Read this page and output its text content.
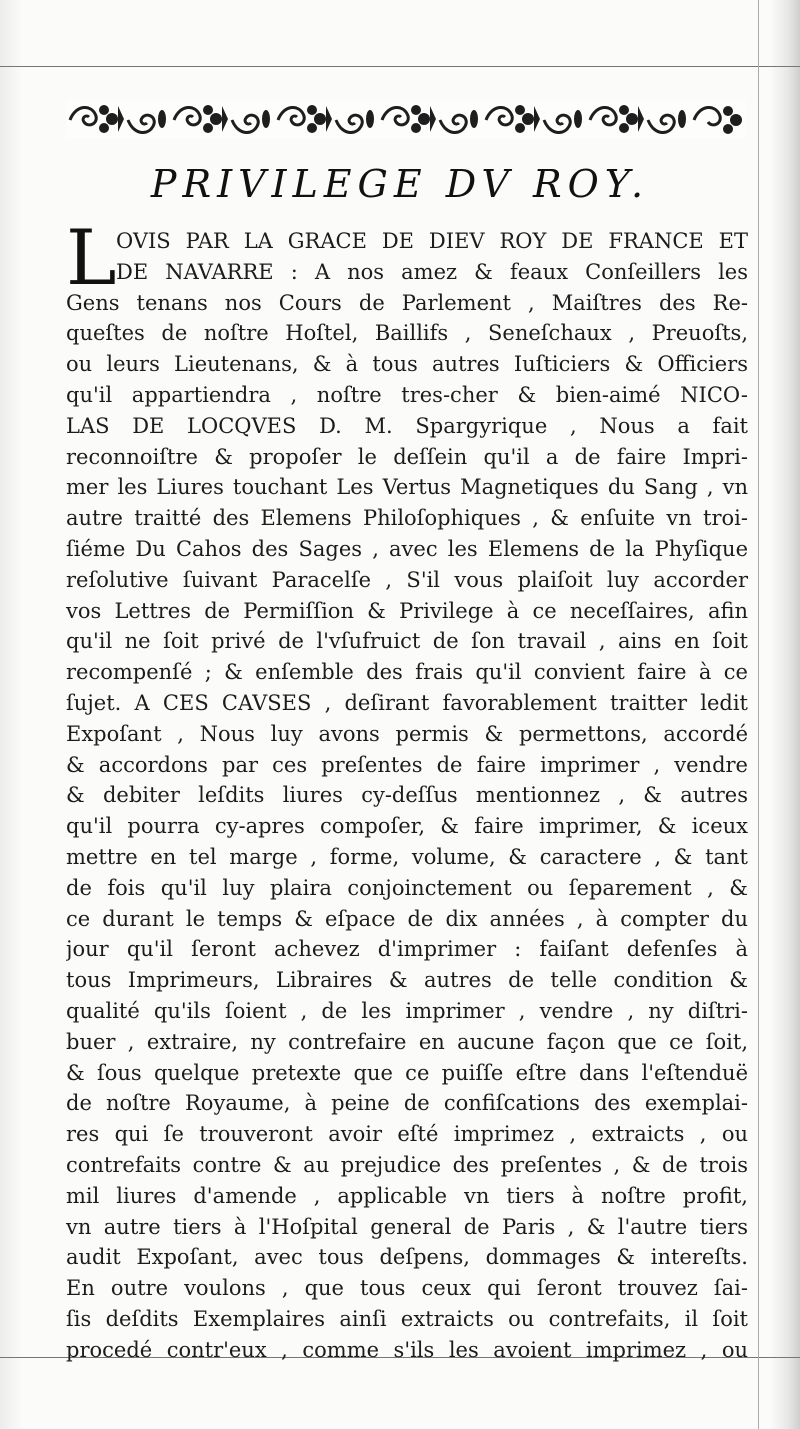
PRIVILEGE DV ROY.
L OVIS PAR LA GRACE DE DIEV ROY DE FRANCE ET
DE NAVARRE : A nos amez & feaux Conſeillers les
Gens tenans nos Cours de Parlement , Maiſtres des Re-
queſtes de noſtre Hoſtel, Baillifs , Seneſchaux , Preuoſts,
ou leurs Lieutenans, & à tous autres Iuſticiers & Officiers
qu'il appartiendra , noſtre tres-cher & bien-aimé NICO-
LAS DE LOCQVES D. M. Spargyrique , Nous a fait
reconnoiſtre & propoſer le deſſein qu'il a de faire Impri-
mer les Liures touchant Les Vertus Magnetiques du Sang , vn
autre traitté des Elemens Philoſophiques , & enſuite vn troi-
ſiéme Du Cahos des Sages , avec les Elemens de la Phyſique
reſolutive ſuivant Paracelſe , S'il vous plaiſoit luy accorder
vos Lettres de Permiſſion & Privilege à ce neceſſaires, afin
qu'il ne ſoit privé de l'vſufruict de ſon travail , ains en ſoit
recompenſé ; & enſemble des frais qu'il convient faire à ce
ſujet. A CES CAVSES , deſirant favorablement traitter ledit
Expoſant , Nous luy avons permis & permettons, accordé
& accordons par ces preſentes de faire imprimer , vendre
& debiter leſdits liures cy-deſſus mentionnez , & autres
qu'il pourra cy-apres compoſer, & faire imprimer, & iceux
mettre en tel marge , forme, volume, & caractere , & tant
de fois qu'il luy plaira conjoinctement ou ſeparement , &
ce durant le temps & eſpace de dix années , à compter du
jour qu'il ſeront achevez d'imprimer : faiſant defenſes à
tous Imprimeurs, Libraires & autres de telle condition &
qualité qu'ils ſoient , de les imprimer , vendre , ny diſtri-
buer , extraire, ny contrefaire en aucune façon que ce ſoit,
& ſous quelque pretexte que ce puiſſe eſtre dans l'eſtenduë
de noſtre Royaume, à peine de confiſcations des exemplai-
res qui ſe trouveront avoir eſté imprimez , extraicts , ou
contrefaits contre & au prejudice des preſentes , & de trois
mil liures d'amende , applicable vn tiers à noſtre profit,
vn autre tiers à l'Hoſpital general de Paris , & l'autre tiers
audit Expoſant, avec tous deſpens, dommages & intereſts.
En outre voulons , que tous ceux qui ſeront trouvez ſai-
ſis deſdits Exemplaires ainſi extraicts ou contrefaits, il ſoit
procedé contr'eux , comme s'ils les avoient imprimez , ou
